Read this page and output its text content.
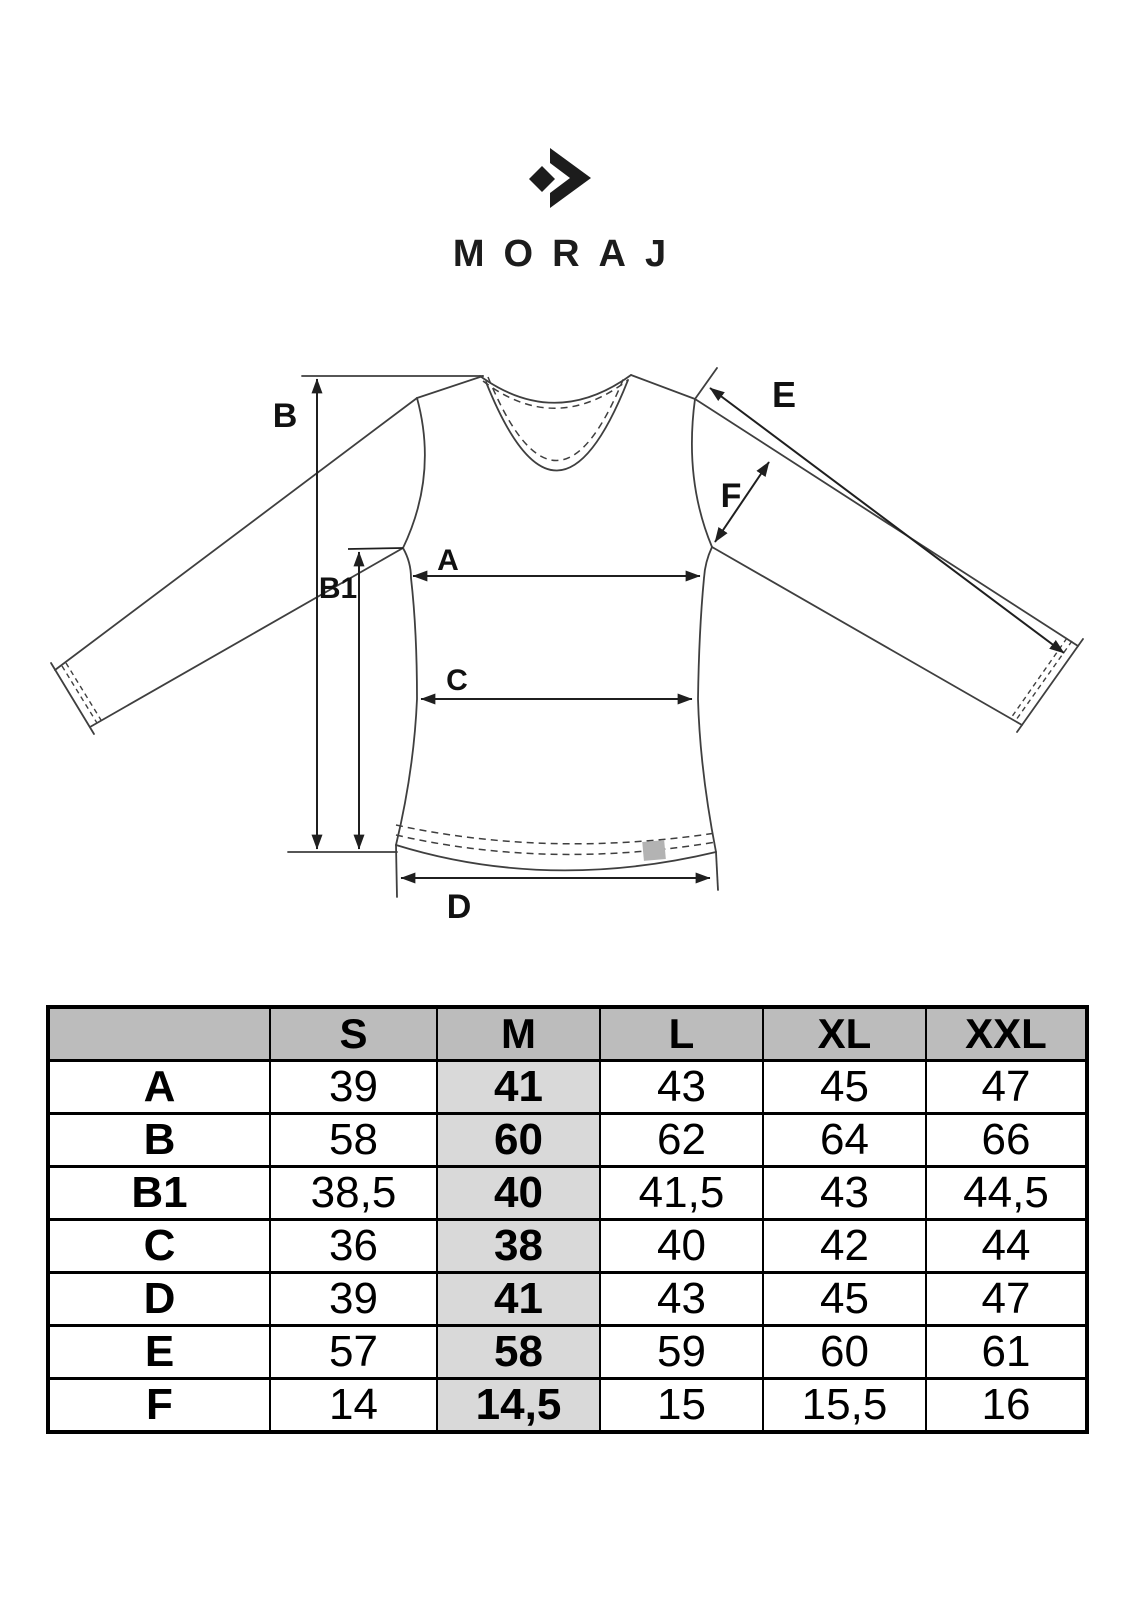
MORAJ
B
B1
A
C
D
E
F
	S	M	L	XL	XXL
A	39	41	43	45	47
B	58	60	62	64	66
B1	38,5	40	41,5	43	44,5
C	36	38	40	42	44
D	39	41	43	45	47
E	57	58	59	60	61
F	14	14,5	15	15,5	16
